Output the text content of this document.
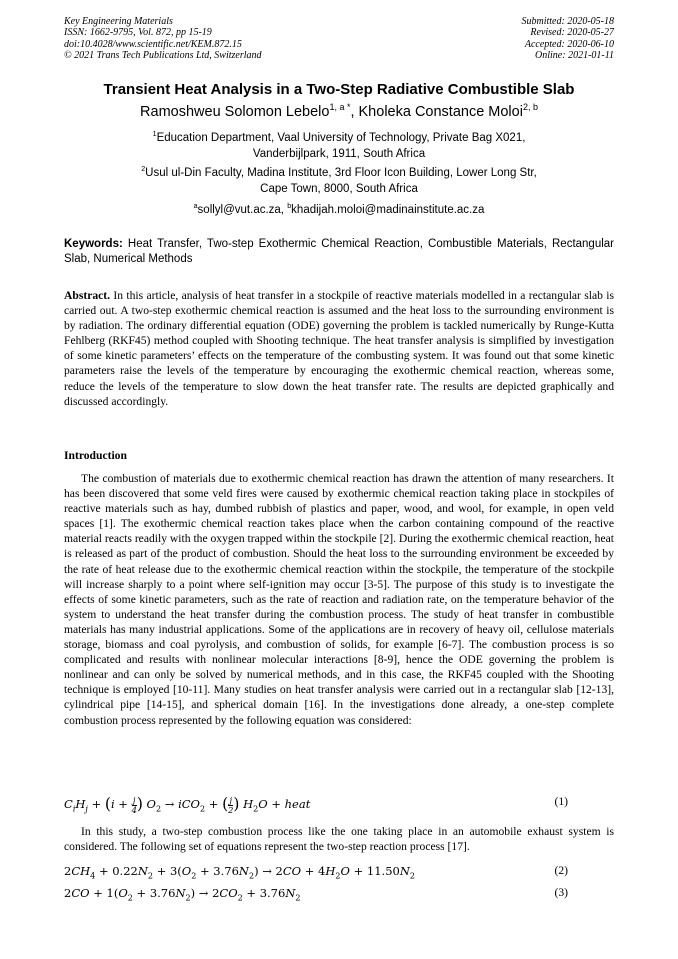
Key Engineering Materials
ISSN: 1662-9795, Vol. 872, pp 15-19
doi:10.4028/www.scientific.net/KEM.872.15
© 2021 Trans Tech Publications Ltd, Switzerland
Submitted: 2020-05-18
Revised: 2020-05-27
Accepted: 2020-06-10
Online: 2021-01-11
Transient Heat Analysis in a Two-Step Radiative Combustible Slab
Ramoshweu Solomon Lebelo$^{1, a *}$, Kholeka Constance Moloi$^{2, b}$
$^1$Education Department, Vaal University of Technology, Private Bag X021,
Vanderbijlpark, 1911, South Africa
$^2$Usul ul-Din Faculty, Madina Institute, 3rd Floor Icon Building, Lower Long Str,
Cape Town, 8000, South Africa
$^a$sollyl@vut.ac.za, $^b$khadijah.moloi@madinainstitute.ac.za
Keywords: Heat Transfer, Two-step Exothermic Chemical Reaction, Combustible Materials, Rectangular Slab, Numerical Methods
Abstract. In this article, analysis of heat transfer in a stockpile of reactive materials modelled in a rectangular slab is carried out. A two-step exothermic chemical reaction is assumed and the heat loss to the surrounding environment is by radiation. The ordinary differential equation (ODE) governing the problem is tackled numerically by Runge-Kutta Fehlberg (RKF45) method coupled with Shooting technique. The heat transfer analysis is simplified by investigation of some kinetic parameters’ effects on the temperature of the combusting system. It was found out that some kinetic parameters raise the levels of the temperature by encouraging the exothermic chemical reaction, whereas some, reduce the levels of the temperature to slow down the heat transfer rate. The results are depicted graphically and discussed accordingly.
Introduction
The combustion of materials due to exothermic chemical reaction has drawn the attention of many researchers. It has been discovered that some veld fires were caused by exothermic chemical reaction taking place in stockpiles of reactive materials such as hay, dumbed rubbish of plastics and paper, wood, and wool, for example, in open veld spaces [1]. The exothermic chemical reaction takes place when the carbon containing compound of the reactive material reacts readily with the oxygen trapped within the stockpile [2]. During the exothermic chemical reaction, heat is released as part of the product of combustion. Should the heat loss to the surrounding environment be exceeded by the rate of heat release due to the exothermic chemical reaction within the stockpile, the temperature of the stockpile will increase sharply to a point where self-ignition may occur [3-5]. The purpose of this study is to investigate the effects of some kinetic parameters, such as the rate of reaction and radiation rate, on the temperature behavior of the system to understand the heat transfer during the combustion process. The study of heat transfer in combustible materials has many industrial applications. Some of the applications are in recovery of heavy oil, cellulose materials storage, biomass and coal pyrolysis, and combustion of solids, for example [6-7]. The combustion process is so complicated and results with nonlinear molecular interactions [8-9], hence the ODE governing the problem is nonlinear and can only be solved by numerical methods, and in this case, the RKF45 coupled with the Shooting technique is employed [10-11]. Many studies on heat transfer analysis were carried out in a rectangular slab [12-13], cylindrical pipe [14-15], and spherical domain [16]. In the investigations done already, a one-step complete combustion process represented by the following equation was considered:
$C_iH_j + (i + \frac{j}{4}$ ) $O_2 \to iCO_2$ + ( $\frac{j}{2}$ ) $H_2O$ + heat	(1)
In this study, a two-step combustion process like the one taking place in an automobile exhaust system is considered. The following set of equations represent the two-step reaction process [17].
$2CH_4 + 0.22N_2 + 3(O_2 + 3.76N_2) \to 2CO + 4H_2O + 11.50N_2$	(2)
$2CO + 1(O_2 + 3.76N_2) \to 2CO_2 + 3.76N_2$	(3)
